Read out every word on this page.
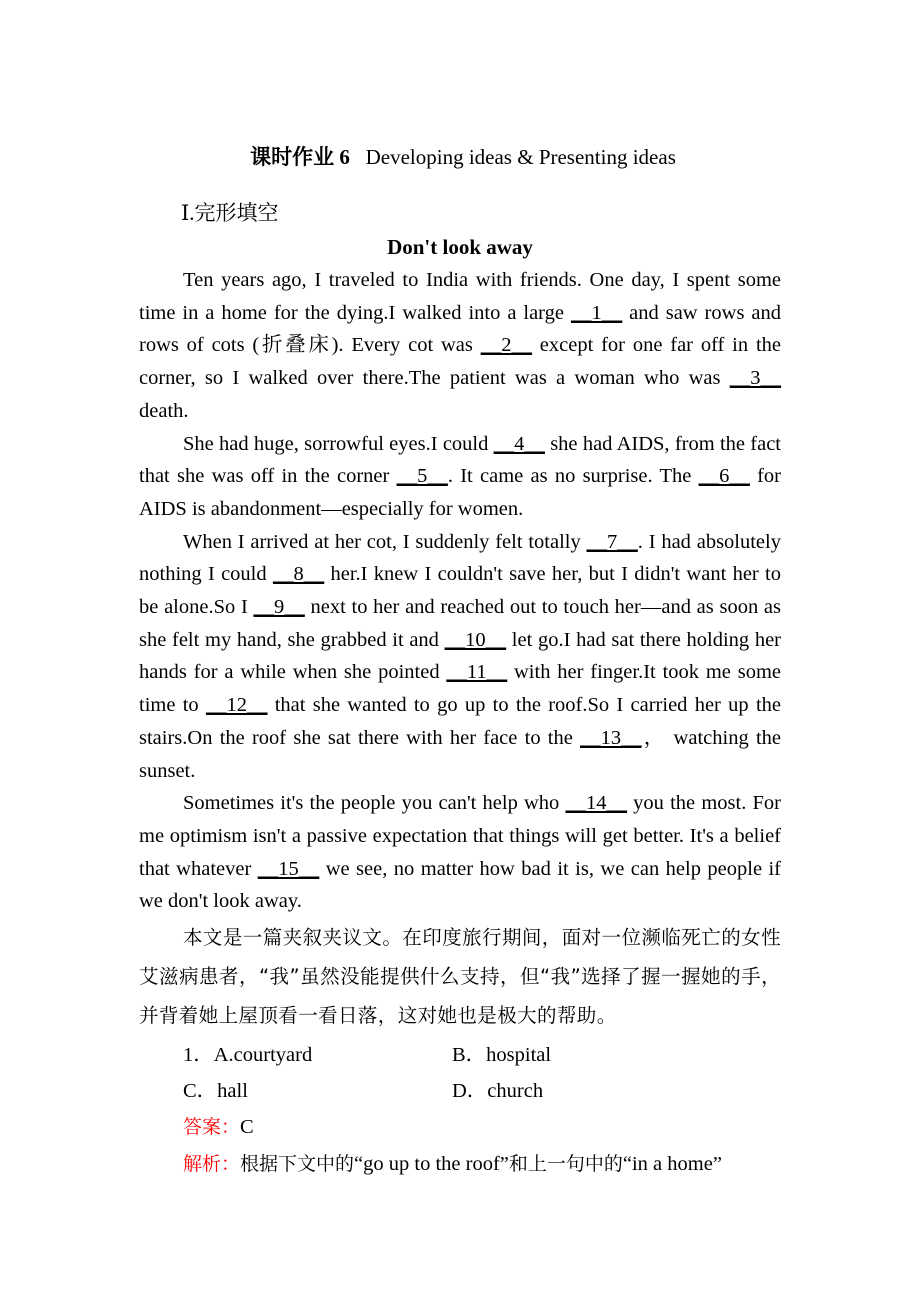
课时作业 6 Developing ideas & Presenting ideas
Ⅰ.完形填空
Don't look away

Ten years ago, I traveled to India with friends. One day, I spent some time in a home for the dying.I walked into a large __1__ and saw rows and rows of cots (折叠床). Every cot was __2__ except for one far off in the corner, so I walked over there.The patient was a woman who was __3__ death.

She had huge, sorrowful eyes.I could __4__ she had AIDS, from the fact that she was off in the corner __5__. It came as no surprise. The __6__ for AIDS is abandonment—especially for women.

When I arrived at her cot, I suddenly felt totally __7__. I had absolutely nothing I could __8__ her.I knew I couldn't save her, but I didn't want her to be alone.So I __9__ next to her and reached out to touch her—and as soon as she felt my hand, she grabbed it and __10__ let go.I had sat there holding her hands for a while when she pointed __11__ with her finger.It took me some time to __12__ that she wanted to go up to the roof.So I carried her up the stairs.On the roof she sat there with her face to the __13__， watching the sunset.

Sometimes it's the people you can't help who __14__ you the most. For me optimism isn't a passive expectation that things will get better. It's a belief that whatever __15__ we see, no matter how bad it is, we can help people if we don't look away.

本文是一篇夹叙夹议文。在印度旅行期间，面对一位濒临死亡的女性艾滋病患者，“我”虽然没能提供什么支持，但“我”选择了握一握她的手，并背着她上屋顶看一看日落，这对她也是极大的帮助。

1．A.courtyard	B．hospital
C．hall	D．church
答案：C
解析：根据下文中的“go up to the roof”和上一句中的“in a home”
